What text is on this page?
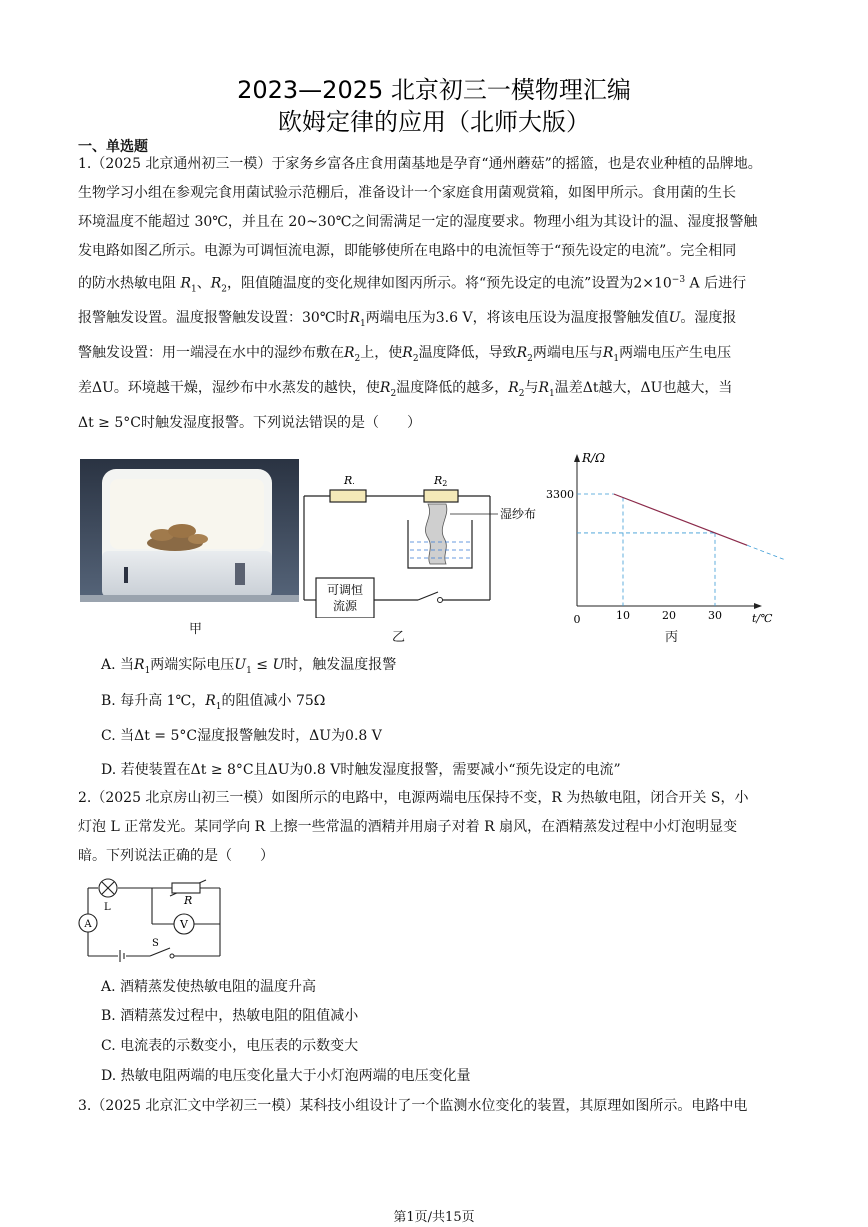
2023—2025 北京初三一模物理汇编
欧姆定律的应用（北师大版）
一、单选题

1.（2025 北京通州初三一模）于家务乡富各庄食用菌基地是孕育“通州蘑菇”的摇篮，也是农业种植的品牌地。

生物学习小组在参观完食用菌试验示范棚后，准备设计一个家庭食用菌观赏箱，如图甲所示。食用菌的生长

环境温度不能超过 30℃，并且在 20~30℃之间需满足一定的湿度要求。物理小组为其设计的温、湿度报警触

发电路如图乙所示。电源为可调恒流电源，即能够使所在电路中的电流恒等于“预先设定的电流”。完全相同

的防水热敏电阻 $R_1$、$R_2$，阻值随温度的变化规律如图丙所示。将“预先设定的电流”设置为$2\times 10^{-3}$ A 后进行

报警触发设置。温度报警触发设置：30℃时$R_1$两端电压为3.6 V，将该电压设为温度报警触发值U。湿度报

警触发设置：用一端浸在水中的湿纱布敷在$R_2$上，使$R_2$温度降低，导致$R_2$两端电压与$R_1$两端电压产生电压

差ΔU。环境越干燥，湿纱布中水蒸发的越快，使$R_2$温度降低的越多，$R_2$与$R_1$温差Δt越大，ΔU也越大，当

Δt ≥ 5°C时触发湿度报警。下列说法错误的是（　　）

R.	R2
湿纱布
可调恒
流源
R/Ω
3300
0	10	20	30	t/℃
甲
乙	丙
A. 当$R_1$两端实际电压$U_1 \le U$时，触发温度报警
B. 每升高 1℃，$R_1$的阻值减小 75Ω
C. 当Δt = 5°C湿度报警触发时，ΔU为0.8 V
D. 若使装置在Δt ≥ 8°C且ΔU为0.8 V时触发湿度报警，需要减小“预先设定的电流”

2.（2025 北京房山初三一模）如图所示的电路中，电源两端电压保持不变，R 为热敏电阻，闭合开关 S，小

灯泡 L 正常发光。某同学向 R 上擦一些常温的酒精并用扇子对着 R 扇风，在酒精蒸发过程中小灯泡明显变

暗。下列说法正确的是（　　）

L
R
A	V
S
A. 酒精蒸发使热敏电阻的温度升高
B. 酒精蒸发过程中，热敏电阻的阻值减小
C. 电流表的示数变小，电压表的示数变大
D. 热敏电阻两端的电压变化量大于小灯泡两端的电压变化量

3.（2025 北京汇文中学初三一模）某科技小组设计了一个监测水位变化的装置，其原理如图所示。电路中电

第1页/共15页
